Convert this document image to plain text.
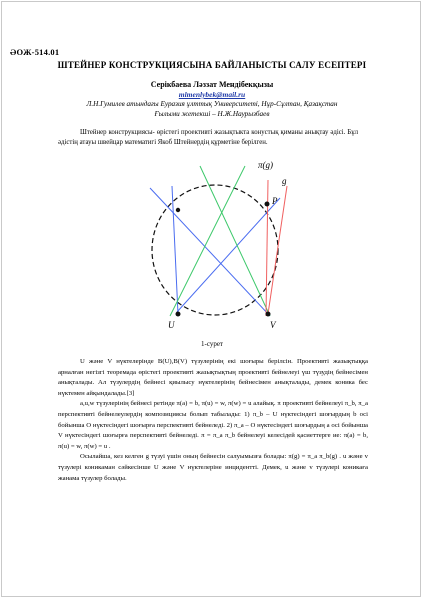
ӘОЖ-514.01
ШТЕЙНЕР КОНСТРУКЦИЯСЫНА БАЙЛАНЫСТЫ САЛУ ЕСЕПТЕРІ
Серікбаева Ләззат Мендібекқызы
mlmenlybek@mail.ru
Л.Н.Гумилев атындағы Еуразия ұлттық Университеті, Нұр-Сұлтан, Қазақстан
Ғылыми жетекші – Н.Ж.Наурызбаев

Штейнер конструкциясы- өрістегі проективті жазықтыкта конустық қиманы анықтау әдісі. Бұл әдістің атауы швейцар математигі Якоб Штейнердің құрметіне берілген.

π(g)
g
P
U	V
1-сурет

U және V нүктелерінде B(U),B(V) түзулерінің екі шоғыры берілсін. Проективті жазықтыққа арналған негізгі теоремада өрістегі проективті жазықтықтың проективті бейнелеуі үш түзудің бейнесімен анықталады. Ал түзулердің бейнесі қиылысу нүктелерінің бейнесімен анықталады, демек коника бес нүктемен айқындалады.[3]

a,u,w түзулерінің бейнесі ретінде π(a) = b, π(u) = w, π(w) = u алайық. π проективті бейнелеуі π_b, π_a перспективті бейнелеулердің композициясы болып табылады: 1) π_b – U нүктесіндегі шоғырдың b осі бойынша O нүктесіндегі шоғырға перспективті бейнеледі. 2) π_a – O нүктесіндегі шоғырдың a осі бойынша V нүктесіндегі шоғырға перспективті бейнеледі. π = π_a π_b бейнелеуі келесідей қасиеттерге ие: π(a) = b, π(u) = w, π(w) = u .

Осылайша, кез келген g түзуі үшін оның бейнесін салуымызға болады: π(g) = π_a π_b(g) . u және v түзулері коникаман сәйкесінше U және V нүктелеріне инциденттi. Демек, u және v түзулері коникаға жанама түзулер болады.
